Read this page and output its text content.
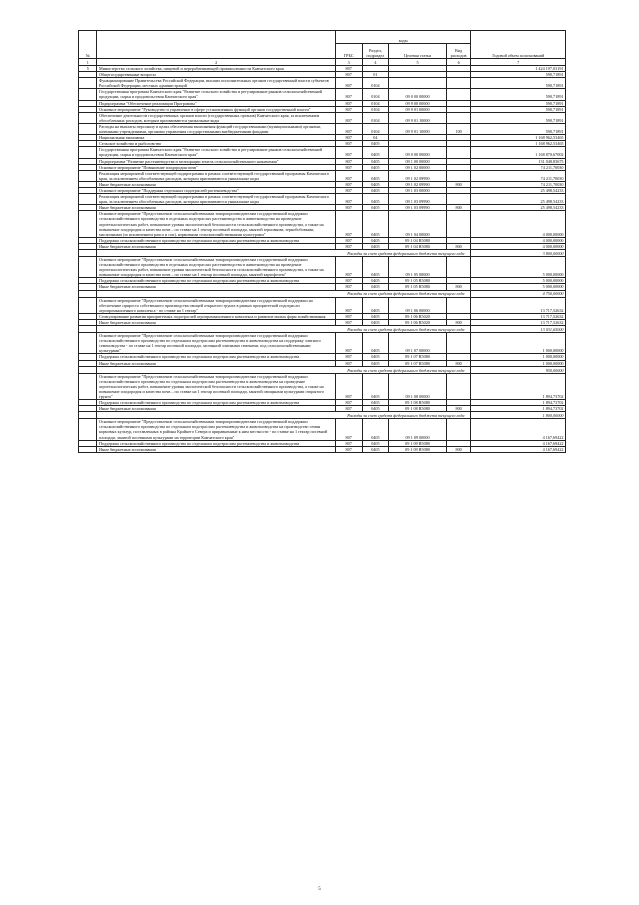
№		коды				Годовой объем ассигнований
		ГРБС	Раздел, подраздел	Целевая статья	Вид расходов	
1	2	3	4	5	6	7
5	Министерство сельского хозяйства, пищевой и перерабатывающей промышленности Камчатского края	807				1 424 197,03191
	Общегосударственные вопросы	807	01			590,71891
	Функционирование Правительства Российской Федерации, высших исполнительных органов государственной власти субъектов Российской Федерации, местных администраций	807	0104			590,71891
	Государственная программа Камчатского края "Развитие сельского хозяйства и регулирование рынков сельскохозяйственной продукции, сырья и продовольствия Камчатского края"	807	0104	09 0 00 00000		590,71891
	Подпрограмма "Обеспечение реализации Программы"	807	0104	09 9 00 00000		590,71891
	Основное мероприятие "Руководство и управление в сфере установленных функций органов государственной власти"	807	0104	09 9 01 00000		590,71891
	Обеспечение деятельности государственных органов власти (государственных органов) Камчатского края, за исключением обособленных расходов, которым присваиваются уникальные коды	807	0104	09 9 01 10000		590,71891
	Расходы на выплаты персоналу в целях обеспечения выполнения функций государственными (муниципальными) органами, казенными учреждениями, органами управления государственными внебюджетными фондами	807	0104	09 9 01 10000	100	590,71891
	Национальная экономика	807	04			1 168 962,53465
	Сельское хозяйство и рыболовство	807	0405			1 168 962,53465
	Государственная программа Камчатского края "Развитие сельского хозяйства и регулирование рынков сельскохозяйственной продукции, сырья и продовольствия Камчатского края"	807	0405	09 0 00 00000		1 168 870,67002
	Подпрограмма "Развитие растениеводства и мелиорации земель сельскохозяйственного назначения"	807	0405	09 1 00 00000		131 048,83675
	Основное мероприятие "Повышение плодородия почв"	807	0405	09 1 02 00000		74 211,70030
	Реализация мероприятий соответствующей подпрограммы в рамках соответствующей государственной программы Камчатского края, за исключением обособленных расходов, которым присваиваются уникальные коды	807	0405	09 1 02 09990		74 211,70030
	Иные бюджетные ассигнования	807	0405	09 1 02 09990	800	74 211,70030
	Основное мероприятие "Поддержка отдельных подотраслей растениеводства"	807	0405	09 1 03 00000		25 498,54233
	Реализация мероприятий соответствующей подпрограммы в рамках соответствующей государственной программы Камчатского края, за исключением обособленных расходов, которым присваиваются уникальные коды	807	0405	09 1 03 09990		25 498,54233
	Иные бюджетные ассигнования	807	0405	09 1 03 09990	800	25 498,54233
	Основное мероприятие "Предоставление сельскохозяйственным товаропроизводителям государственной поддержки сельскохозяйственного производства в отдельных подотраслях растениеводства и животноводства на проведение агротехнологических работ, повышение уровня экологической безопасности сельскохозяйственного производства, а также на повышение плодородия и качества почв – по ставке на 1 гектар посевной площади, занятой зерновыми, зернобобовыми, масличными (за исключением рапса и сои), кормовыми сельскохозяйственными культурами"	807	0405	09 1 04 00000		4 000,00000
	Поддержка сельскохозяйственного производства по отдельным подотраслям растениеводства и животноводства	807	0405	09 1 04 R5080		4 000,00000
	Иные бюджетные ассигнования	807	0405	09 1 04 R5080	800	4 000,00000
	Расходы за счет средств федерального бюджета текущего года					3 800,00000
	Основное мероприятие "Предоставление сельскохозяйственным товаропроизводителям государственной поддержки сельскохозяйственного производства в отдельных подотраслях растениеводства и животноводства на проведение агротехнологических работ, повышение уровня экологической безопасности сельскохозяйственного производства, а также на повышение плодородия и качества почв – по ставке на 1 гектар посевной площади, занятой картофелем"	807	0405	09 1 05 00000		5 000,00000
	Поддержка сельскохозяйственного производства по отдельным подотраслям растениеводства и животноводства	807	0405	09 1 05 R5080		5 000,00000
	Иные бюджетные ассигнования	807	0405	09 1 05 R5080	800	5 000,00000
	Расходы за счет средств федерального бюджета текущего года					4 750,00000
	Основное мероприятие "Предоставление сельскохозяйственным товаропроизводителям государственной поддержки на обеспечение прироста собственного производства овощей открытого грунта в рамках приоритетной подотрасли агропромышленного комплекса - по ставке на 1 гектар"	807	0405	09 1 06 00000		13 717,52632
	Стимулирование развития приоритетных подотраслей агропромышленного комплекса и развитие малых форм хозяйствования	807	0405	09 1 06 R5020		13 717,52632
	Иные бюджетные ассигнования	807	0405	09 1 06 R5020	800	13 717,52632
	Расходы за счет средств федерального бюджета текущего года					13 031,65000
	Основное мероприятие "Предоставление сельскохозяйственным товаропроизводителям государственной поддержки сельскохозяйственного производства по отдельным подотраслям растениеводства и животноводства на поддержку элитного семеноводства - по ставке на 1 гектар посевной площади, засеянной элитными семенами, под сельскохозяйственными культурами"	807	0405	09 1 07 00000		1 000,00000
	Поддержка сельскохозяйственного производства по отдельным подотраслям растениеводства и животноводства	807	0405	09 1 07 R5080		1 000,00000
	Иные бюджетные ассигнования	807	0405	09 1 07 R5080	800	1 000,00000
	Расходы за счет средств федерального бюджета текущего года					950,00000
	Основное мероприятие "Предоставление сельскохозяйственным товаропроизводителям государственной поддержки сельскохозяйственного производства по отдельным подотраслям растениеводства и животноводства на проведение агротехнологических работ, повышение уровня экологической безопасности сельскохозяйственного производства, а также на повышение плодородия и качества почв – по ставке на 1 гектар посевной площади, занятой овощными культурами открытого грунта"	807	0405	09 1 08 00000		1 894,73702
	Поддержка сельскохозяйственного производства по отдельным подотраслям растениеводства и животноводства	807	0405	09 1 08 R5080		1 894,73702
	Иные бюджетные ассигнования	807	0405	09 1 08 R5080	800	1 894,73702
	Расходы за счет средств федерального бюджета текущего года					1 800,00000
	Основное мероприятие "Предоставление сельскохозяйственным товаропроизводителям государственной поддержки сельскохозяйственного производства по отдельным подотраслям растениеводства и животноводства на производство семян кормовых культур, поставленных в районы Крайнего Севера и приравненные к ним местности - по ставке на 1 гектар посевной площади, занятой посевными культурами на территории Камчатского края"	807	0405	09 1 09 00000		4 167,69422
	Поддержка сельскохозяйственного производства по отдельным подотраслям растениеводства и животноводства	807	0405	09 1 09 R5080		4 167,69422
	Иные бюджетные ассигнования	807	0405	09 1 09 R5080	800	4 167,69422
5
